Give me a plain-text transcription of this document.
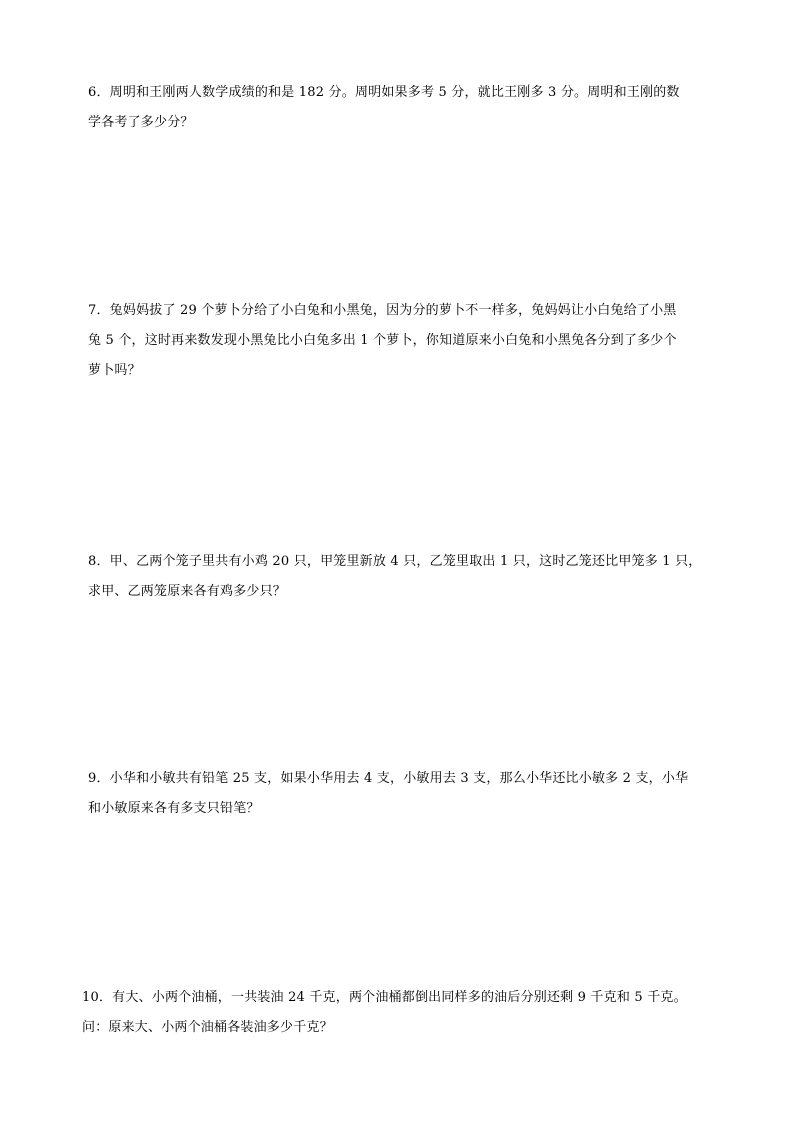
6．周明和王刚两人数学成绩的和是 182 分。周明如果多考 5 分，就比王刚多 3 分。周明和王刚的数
学各考了多少分？
7．兔妈妈拔了 29 个萝卜分给了小白兔和小黑兔，因为分的萝卜不一样多，兔妈妈让小白兔给了小黑
兔 5 个，这时再来数发现小黑兔比小白兔多出 1 个萝卜，你知道原来小白兔和小黑兔各分到了多少个
萝卜吗？
8．甲、乙两个笼子里共有小鸡 20 只，甲笼里新放 4 只，乙笼里取出 1 只，这时乙笼还比甲笼多 1 只，
求甲、乙两笼原来各有鸡多少只？
9．小华和小敏共有铅笔 25 支，如果小华用去 4 支，小敏用去 3 支，那么小华还比小敏多 2 支，小华
和小敏原来各有多支只铅笔？
10．有大、小两个油桶，一共装油 24 千克，两个油桶都倒出同样多的油后分别还剩 9 千克和 5 千克。
问：原来大、小两个油桶各装油多少千克？
